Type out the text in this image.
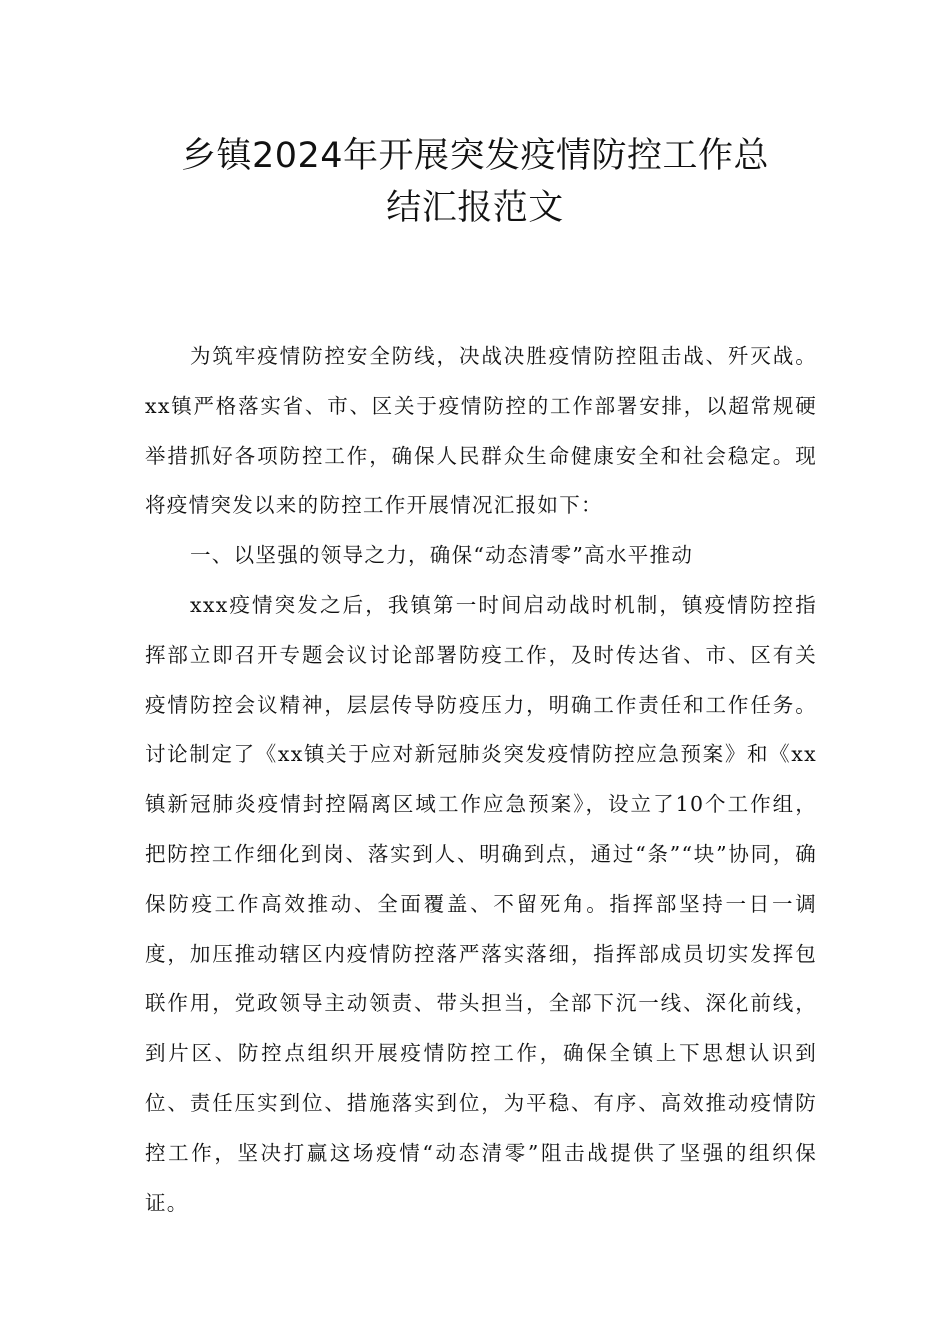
乡镇2024年开展突发疫情防控工作总
结汇报范文

为筑牢疫情防控安全防线，决战决胜疫情防控阻击战、歼灭战。xx镇严格落实省、市、区关于疫情防控的工作部署安排，以超常规硬举措抓好各项防控工作，确保人民群众生命健康安全和社会稳定。现将疫情突发以来的防控工作开展情况汇报如下：

一、以坚强的领导之力，确保“动态清零”高水平推动

xxx疫情突发之后，我镇第一时间启动战时机制，镇疫情防控指挥部立即召开专题会议讨论部署防疫工作，及时传达省、市、区有关疫情防控会议精神，层层传导防疫压力，明确工作责任和工作任务。讨论制定了《xx镇关于应对新冠肺炎突发疫情防控应急预案》和《xx镇新冠肺炎疫情封控隔离区域工作应急预案》，设立了10个工作组，把防控工作细化到岗、落实到人、明确到点，通过“条”“块”协同，确保防疫工作高效推动、全面覆盖、不留死角。指挥部坚持一日一调度，加压推动辖区内疫情防控落严落实落细，指挥部成员切实发挥包联作用，党政领导主动领责、带头担当，全部下沉一线、深化前线，到片区、防控点组织开展疫情防控工作，确保全镇上下思想认识到位、责任压实到位、措施落实到位，为平稳、有序、高效推动疫情防控工作，坚决打赢这场疫情“动态清零”阻击战提供了坚强的组织保证。
